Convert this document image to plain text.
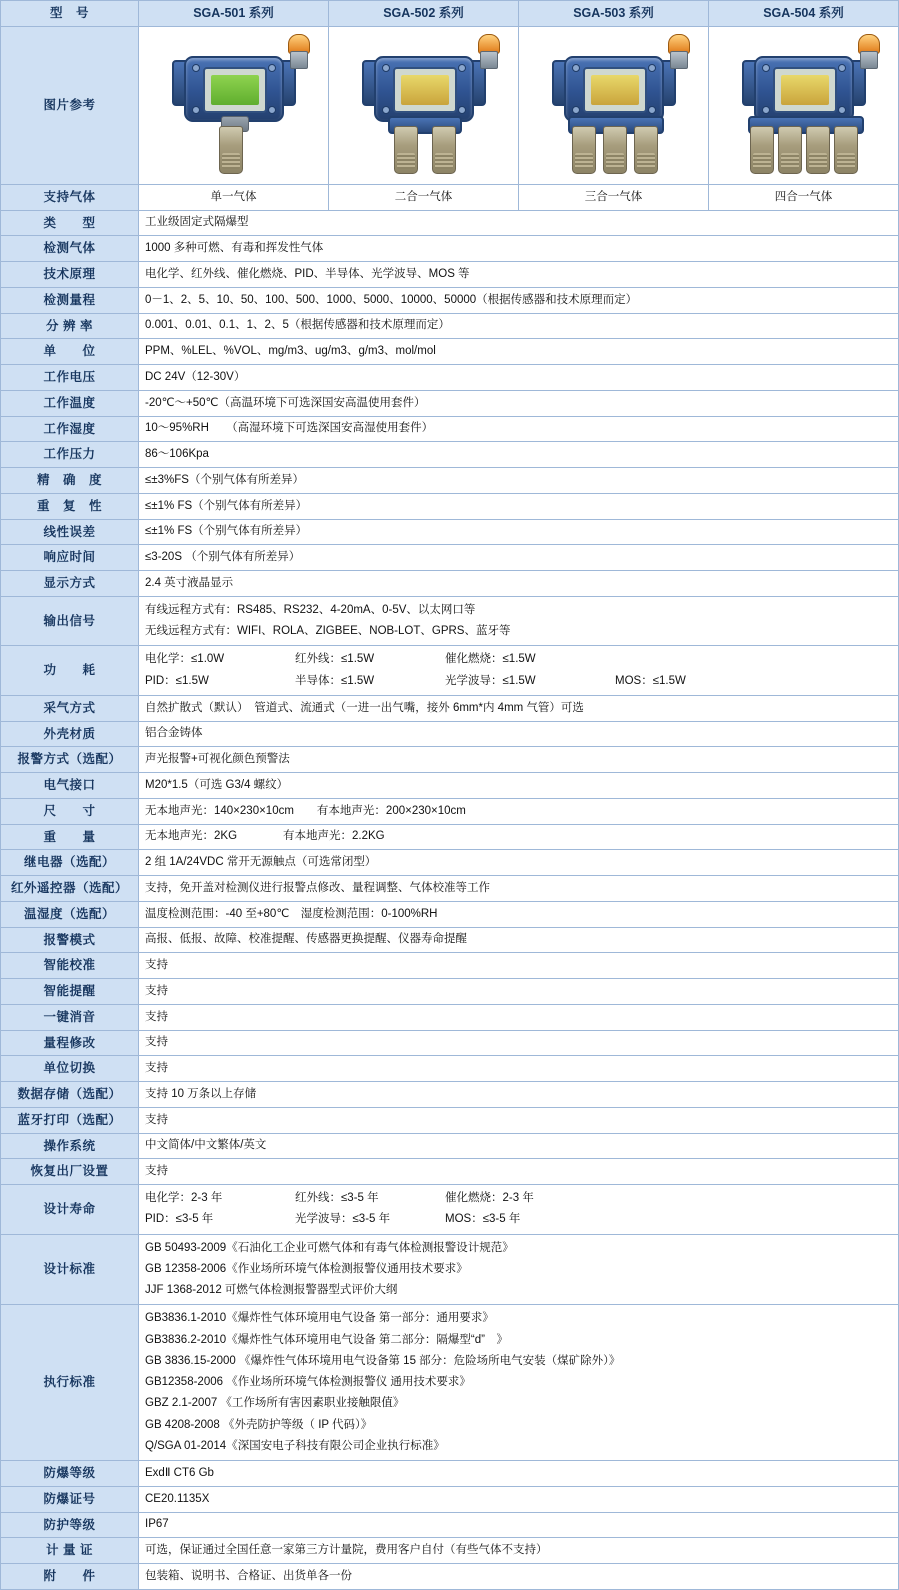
型　号	SGA-501 系列	SGA-502 系列	SGA-503 系列	SGA-504 系列
图片参考	

支持气体	单一气体	二合一气体	三合一气体	四合一气体
类　　型	工业级固定式隔爆型			
检测气体	1000 多种可燃、有毒和挥发性气体			
技术原理	电化学、红外线、催化燃烧、PID、半导体、光学波导、MOS 等			
检测量程	0－1、2、5、10、50、100、500、1000、5000、10000、50000（根据传感器和技术原理而定）			
分 辨 率	0.001、0.01、0.1、1、2、5（根据传感器和技术原理而定）			
单　　位	PPM、%LEL、%VOL、mg/m3、ug/m3、g/m3、mol/mol			
工作电压	DC 24V（12-30V）			
工作温度	-20℃～+50℃（高温环境下可选深国安高温使用套件）			
工作湿度	10～95%RH　　（高湿环境下可选深国安高湿使用套件）			
工作压力	86～106Kpa			
精　确　度	≤±3%FS（个别气体有所差异）			
重　复　性	≤±1% FS（个别气体有所差异）			
线性误差	≤±1% FS（个别气体有所差异）			
响应时间	≤3-20S （个别气体有所差异）			
显示方式	2.4 英寸液晶显示			
输出信号	有线远程方式有：RS485、RS232、4-20mA、0-5V、以太网口等
无线远程方式有：WIFI、ROLA、ZIGBEE、NOB-LOT、GPRS、蓝牙等			

功　　耗	
电化学：≤1.0W	红外线：≤1.5W	催化燃烧：≤1.5W
PID：≤1.5W	半导体：≤1.5W	光学波导：≤1.5W	MOS：≤1.5W

采气方式	自然扩散式（默认）　管道式、流通式（一进一出气嘴，接外 6mm*内 4mm 气管）可选			
外壳材质	铝合金铸体			
报警方式（选配）	声光报警+可视化颜色预警法			
电气接口	M20*1.5（可选 G3/4 螺纹）			
尺　　寸	无本地声光：140×230×10cm　　有本地声光：200×230×10cm			
重　　量	无本地声光：2KG　　　　有本地声光：2.2KG			
继电器（选配）	2 组 1A/24VDC 常开无源触点（可选常闭型）			
红外遥控器（选配）	支持，免开盖对检测仪进行报警点修改、量程调整、气体校准等工作			
温湿度（选配）	温度检测范围：-40 至+80℃　湿度检测范围：0-100%RH			
报警模式	高报、低报、故障、校准提醒、传感器更换提醒、仪器寿命提醒			
智能校准	支持			
智能提醒	支持			
一键消音	支持			
量程修改	支持			
单位切换	支持			
数据存储（选配）	支持 10 万条以上存储			
蓝牙打印（选配）	支持			
操作系统	中文简体/中文繁体/英文			
恢复出厂设置	支持			
设计寿命	
电化学：2-3 年	红外线：≤3-5 年	催化燃烧：2-3 年
PID：≤3-5 年	光学波导：≤3-5 年	MOS：≤3-5 年

设计标准	GB 50493-2009《石油化工企业可燃气体和有毒气体检测报警设计规范》
GB 12358-2006《作业场所环境气体检测报警仪通用技术要求》
JJF 1368-2012 可燃气体检测报警器型式评价大纲			

执行标准	
GB3836.1-2010《爆炸性气体环境用电气设备 第一部分：通用要求》
GB3836.2-2010《爆炸性气体环境用电气设备 第二部分：隔爆型“d”　》
GB 3836.15-2000 《爆炸性气体环境用电气设备第 15 部分：危险场所电气安装（煤矿除外）》
GB12358-2006 《作业场所环境气体检测报警仪 通用技术要求》
GBZ 2.1-2007 《工作场所有害因素职业接触限值》
GB 4208-2008 《外壳防护等级（ IP 代码）》
Q/SGA 01-2014《深国安电子科技有限公司企业执行标准》

防爆等级	ExdⅡ CT6 Gb			
防爆证号	CE20.1135X			
防护等级	IP67			
计 量 证	可选，保证通过全国任意一家第三方计量院，费用客户自付（有些气体不支持）			
附　　件	包装箱、说明书、合格证、出货单各一份			
